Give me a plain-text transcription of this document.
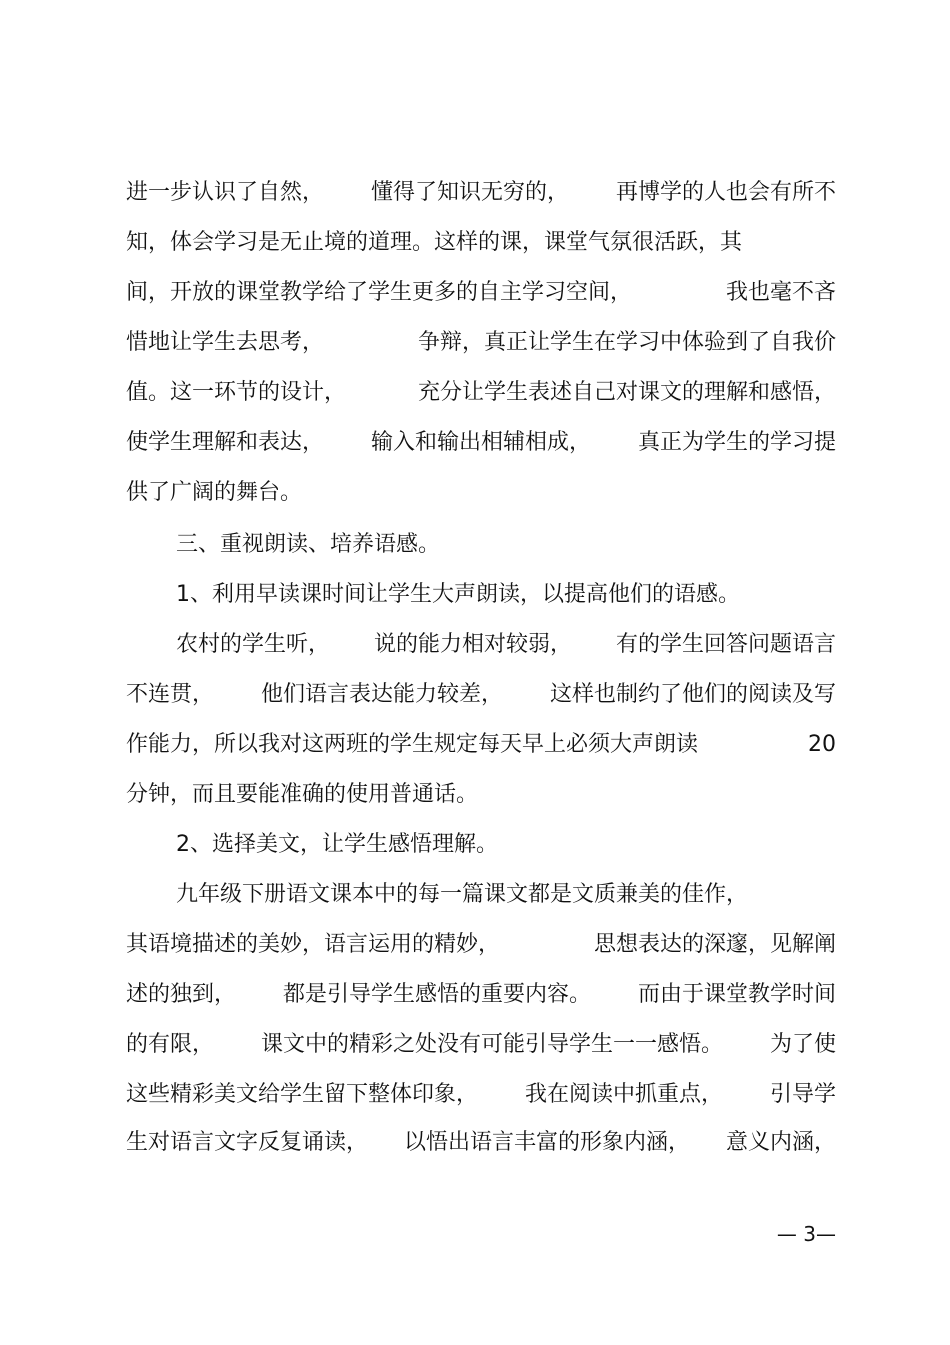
进一步认识了自然， 懂得了知识无穷的， 再博学的人也会有所不
知，体会学习是无止境的道理。这样的课，课堂气氛很活跃，其
间，开放的课堂教学给了学生更多的自主学习空间，	我也毫不吝
惜地让学生去思考，	争辩，真正让学生在学习中体验到了自我价
值。这一环节的设计，	充分让学生表述自己对课文的理解和感悟，
使学生理解和表达， 输入和输出相辅相成， 真正为学生的学习提
供了广阔的舞台。
三、重视朗读、培养语感。
1、利用早读课时间让学生大声朗读，以提高他们的语感。
农村的学生听， 说的能力相对较弱， 有的学生回答问题语言
不连贯， 他们语言表达能力较差， 这样也制约了他们的阅读及写
作能力，所以我对这两班的学生规定每天早上必须大声朗读	20
分钟，而且要能准确的使用普通话。
2、选择美文，让学生感悟理解。
九年级下册语文课本中的每一篇课文都是文质兼美的佳作，
其语境描述的美妙，语言运用的精妙，	思想表达的深邃，见解阐
述的独到， 都是引导学生感悟的重要内容。 而由于课堂教学时间
的有限， 课文中的精彩之处没有可能引导学生一一感悟。 为了使
这些精彩美文给学生留下整体印象， 我在阅读中抓重点， 引导学
生对语言文字反复诵读， 以悟出语言丰富的形象内涵， 意义内涵，
— 3—
